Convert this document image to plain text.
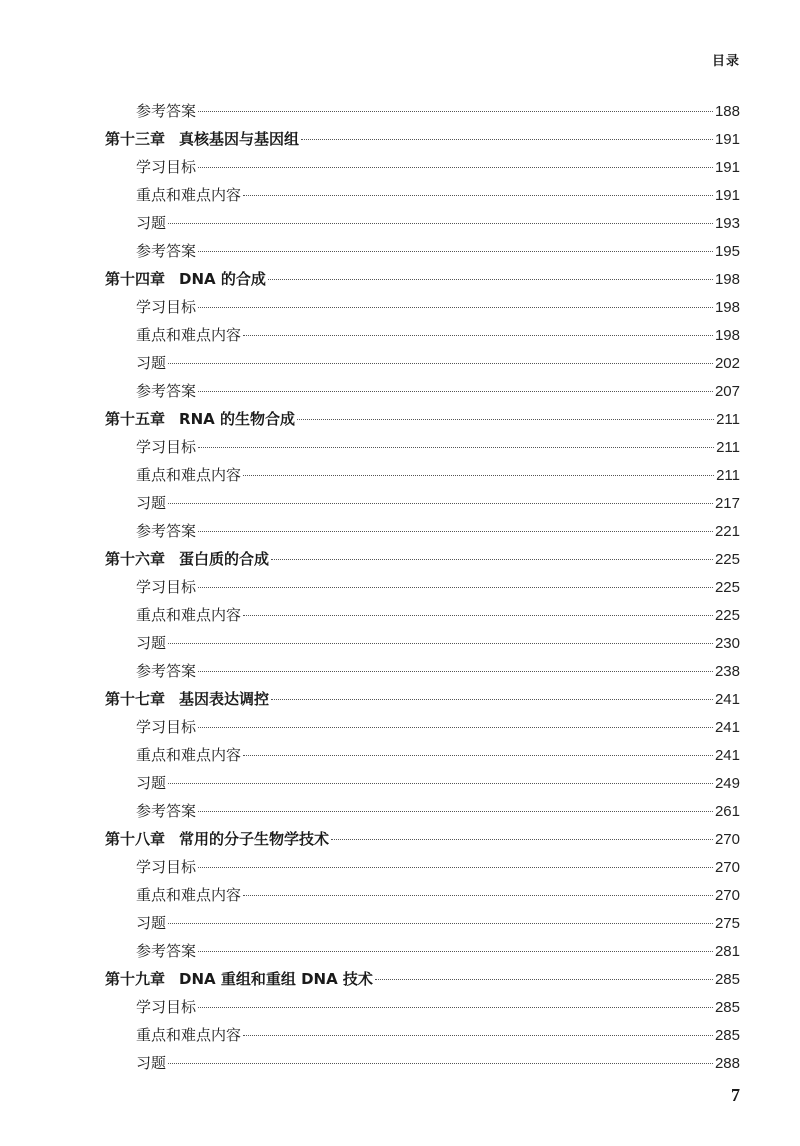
目录
参考答案	188
第十三章 真核基因与基因组	191
学习目标	191
重点和难点内容	191
习题	193
参考答案	195
第十四章 DNA 的合成	198
学习目标	198
重点和难点内容	198
习题	202
参考答案	207
第十五章 RNA 的生物合成	211
学习目标	211
重点和难点内容	211
习题	217
参考答案	221
第十六章 蛋白质的合成	225
学习目标	225
重点和难点内容	225
习题	230
参考答案	238
第十七章 基因表达调控	241
学习目标	241
重点和难点内容	241
习题	249
参考答案	261
第十八章 常用的分子生物学技术	270
学习目标	270
重点和难点内容	270
习题	275
参考答案	281
第十九章 DNA 重组和重组 DNA 技术	285
学习目标	285
重点和难点内容	285
习题	288
7
